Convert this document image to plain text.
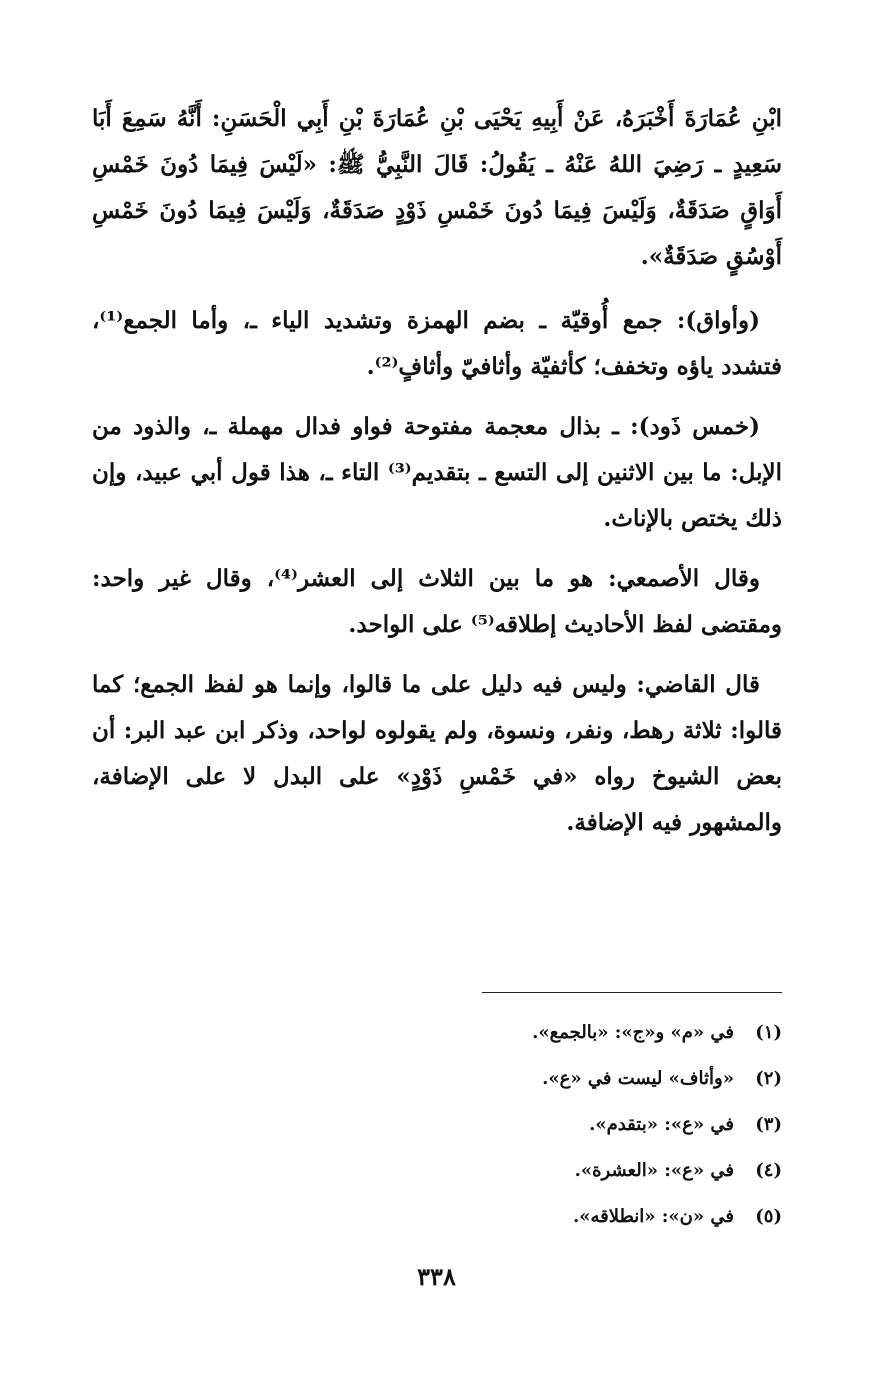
ابْنِ عُمَارَةَ أَخْبَرَهُ، عَنْ أَبِيهِ يَحْيَى بْنِ عُمَارَةَ بْنِ أَبِي الْحَسَنِ: أَنَّهُ سَمِعَ أَبَا سَعِيدٍ ـ رَضِيَ اللهُ عَنْهُ ـ يَقُولُ: قَالَ النَّبِيُّ ﷺ: «لَيْسَ فِيمَا دُونَ خَمْسِ أَوَاقٍ صَدَقَةٌ، وَلَيْسَ فِيمَا دُونَ خَمْسِ ذَوْدٍ صَدَقَةٌ، وَلَيْسَ فِيمَا دُونَ خَمْسِ أَوْسُقٍ صَدَقَةٌ».

(وأواق): جمع أُوقيّة ـ بضم الهمزة وتشديد الياء ـ، وأما الجمع⁽¹⁾، فتشدد ياؤه وتخفف؛ كأثفيّة وأثافيّ وأثافٍ⁽²⁾.

(خمس ذَود): ـ بذال معجمة مفتوحة فواو فدال مهملة ـ، والذود من الإبل: ما بين الاثنين إلى التسع ـ بتقديم⁽³⁾ التاء ـ، هذا قول أبي عبيد، وإن ذلك يختص بالإناث.

وقال الأصمعي: هو ما بين الثلاث إلى العشر⁽⁴⁾، وقال غير واحد: ومقتضى لفظ الأحاديث إطلاقه⁽⁵⁾ على الواحد.

قال القاضي: وليس فيه دليل على ما قالوا، وإنما هو لفظ الجمع؛ كما قالوا: ثلاثة رهط، ونفر، ونسوة، ولم يقولوه لواحد، وذكر ابن عبد البر: أن بعض الشيوخ رواه «في خَمْسِ ذَوْدٍ» على البدل لا على الإضافة، والمشهور فيه الإضافة.

(١)في «م» و«ج»: «بالجمع».
(٢)«وأثاف» ليست في «ع».
(٣)في «ع»: «بتقدم».
(٤)في «ع»: «العشرة».
(٥)في «ن»: «انطلاقه».
٣٣٨
